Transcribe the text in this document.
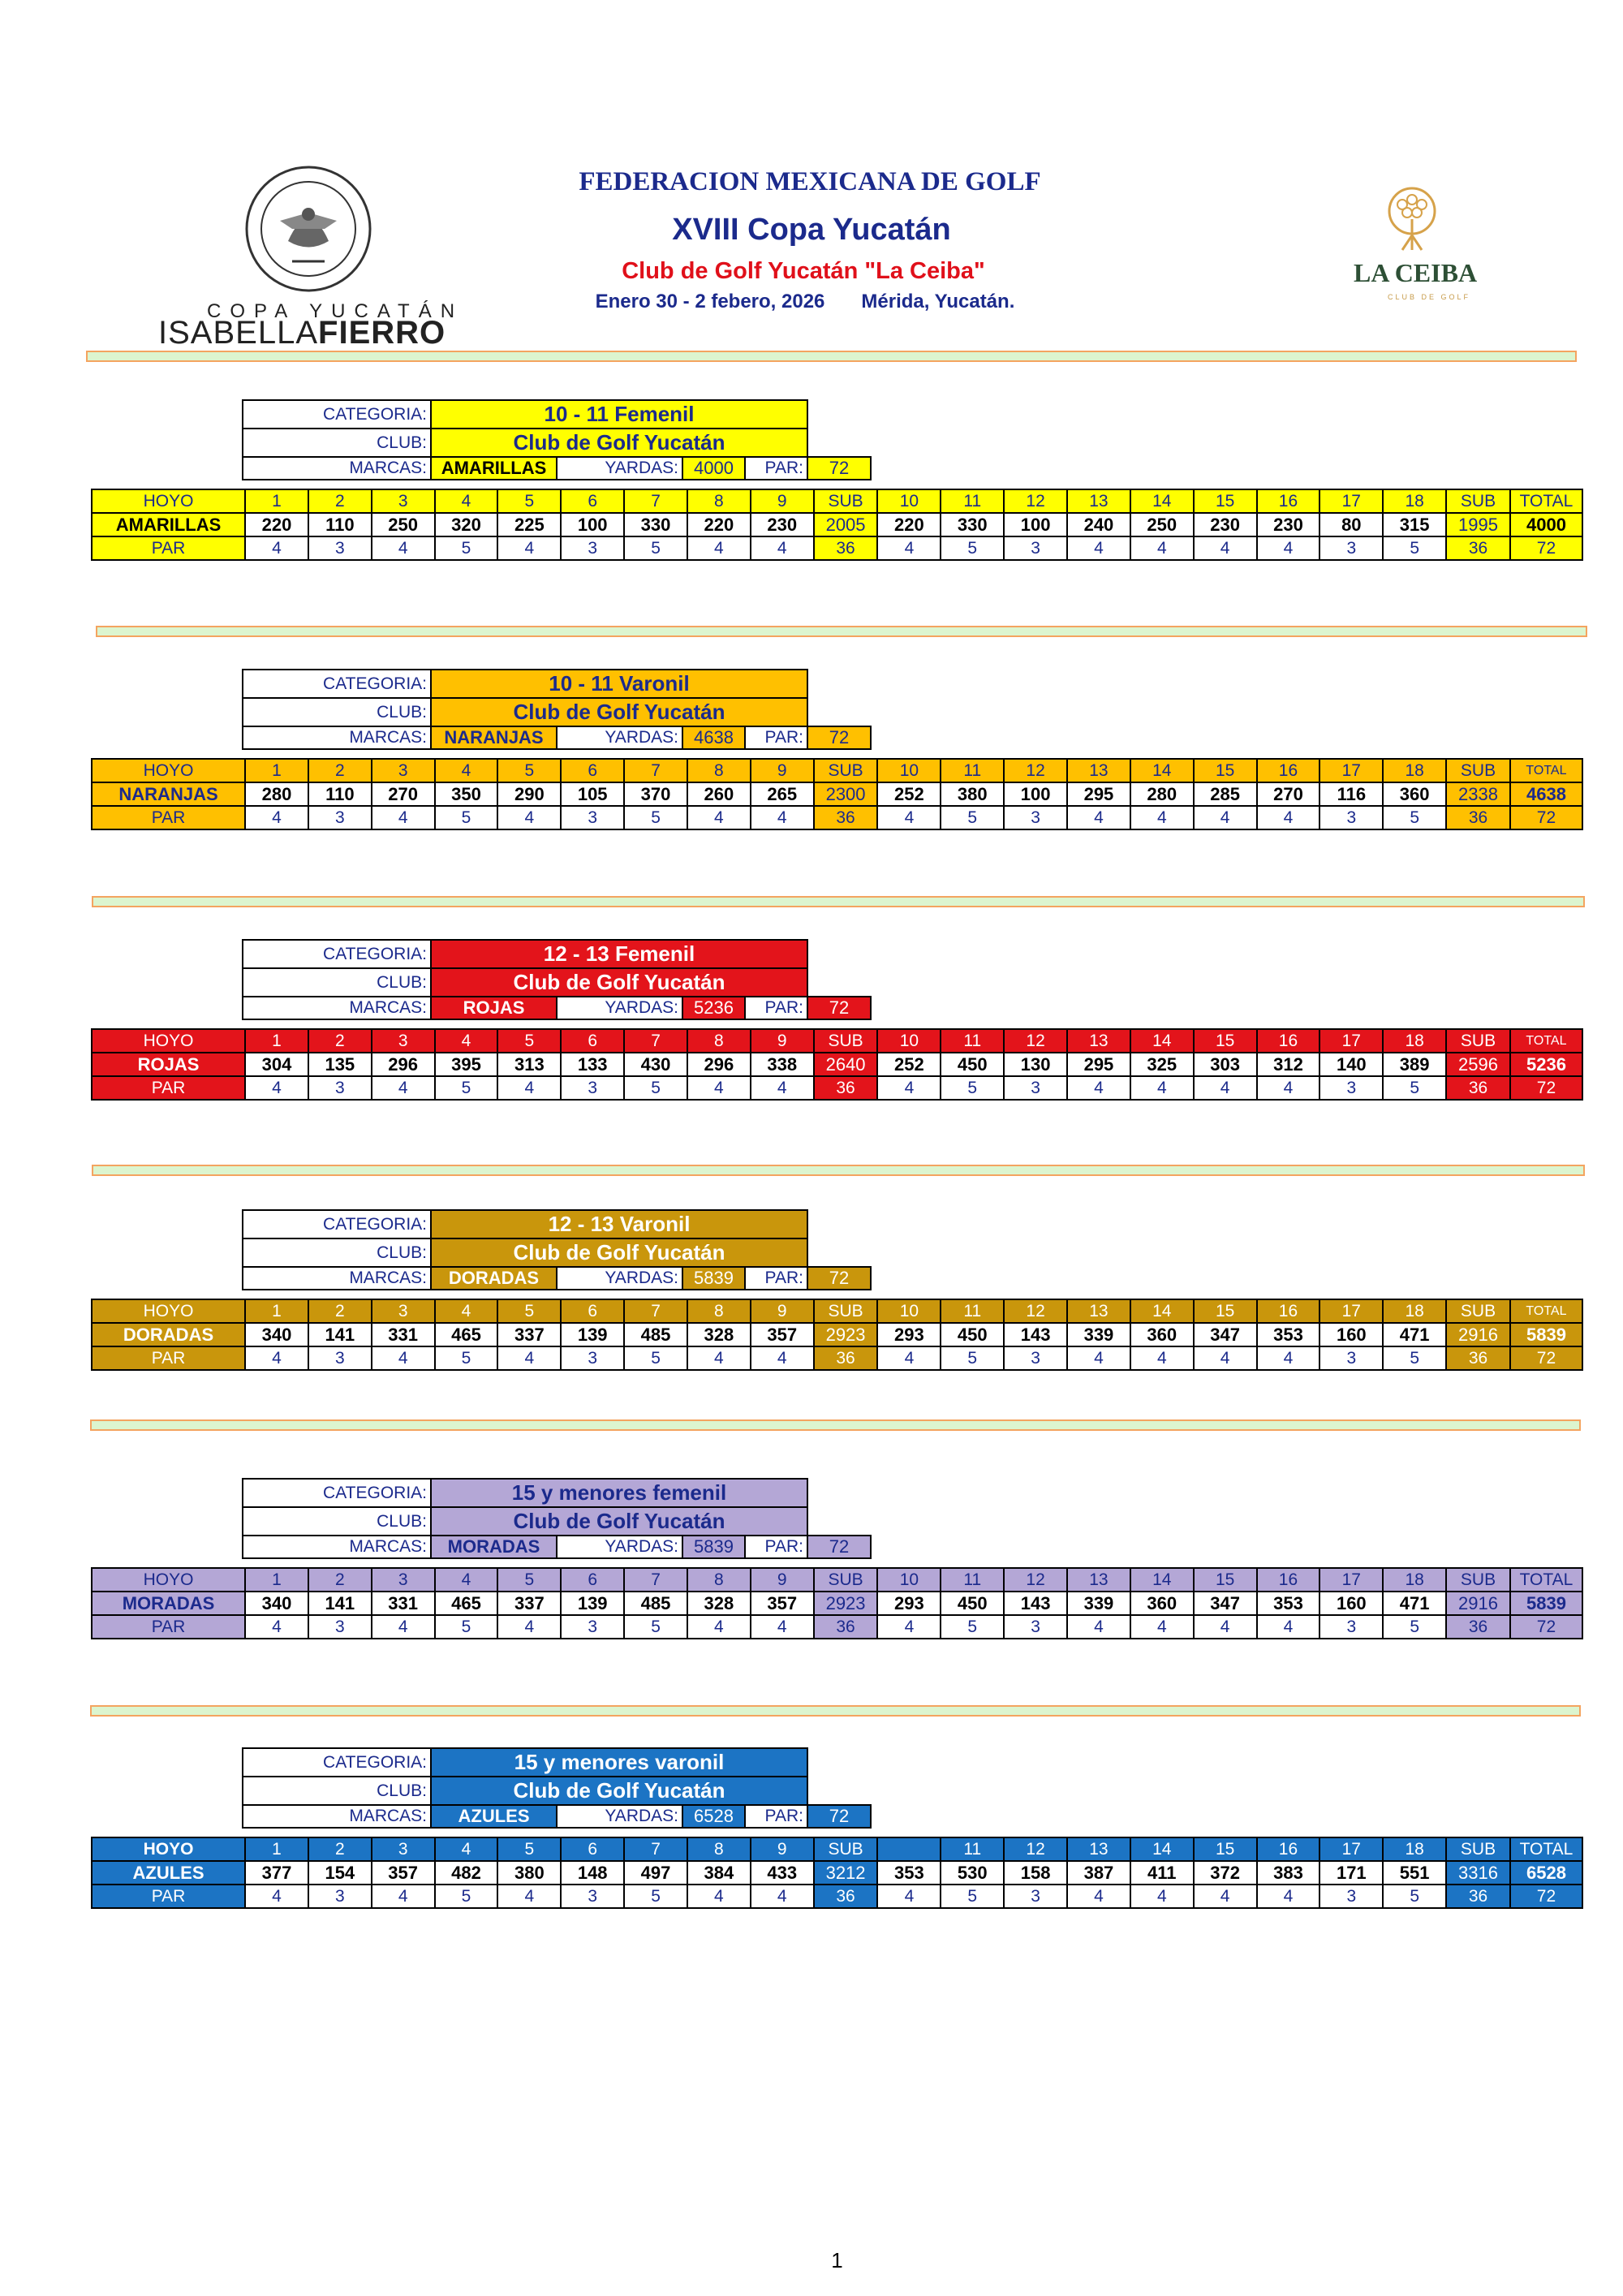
COPA YUCATÁN
ISABELLAFIERRO
FEDERACION MEXICANA DE GOLF
XVIII Copa Yucatán
Club de Golf Yucatán "La Ceiba"
Enero 30 - 2 febero, 2026 Mérida, Yucatán.
LA CEIBA
CLUB DE GOLF
CATEGORIA:	10 - 11 Femenil				
CLUB:	Club de Golf Yucatán				
MARCAS:	AMARILLAS	YARDAS:	4000	PAR:	72
HOYO	1	2	3	4	5	6	7	8	9	SUB	10	11	12	13	14	15	16	17	18	SUB	TOTAL
AMARILLAS	220	110	250	320	225	100	330	220	230	2005	220	330	100	240	250	230	230	80	315	1995	4000
PAR	4	3	4	5	4	3	5	4	4	36	4	5	3	4	4	4	4	3	5	36	72
CATEGORIA:	10 - 11 Varonil				
CLUB:	Club de Golf Yucatán				
MARCAS:	NARANJAS	YARDAS:	4638	PAR:	72
HOYO	1	2	3	4	5	6	7	8	9	SUB	10	11	12	13	14	15	16	17	18	SUB	TOTAL
NARANJAS	280	110	270	350	290	105	370	260	265	2300	252	380	100	295	280	285	270	116	360	2338	4638
PAR	4	3	4	5	4	3	5	4	4	36	4	5	3	4	4	4	4	3	5	36	72
CATEGORIA:	12 - 13 Femenil				
CLUB:	Club de Golf Yucatán				
MARCAS:	ROJAS	YARDAS:	5236	PAR:	72
HOYO	1	2	3	4	5	6	7	8	9	SUB	10	11	12	13	14	15	16	17	18	SUB	TOTAL
ROJAS	304	135	296	395	313	133	430	296	338	2640	252	450	130	295	325	303	312	140	389	2596	5236
PAR	4	3	4	5	4	3	5	4	4	36	4	5	3	4	4	4	4	3	5	36	72
CATEGORIA:	12 - 13 Varonil				
CLUB:	Club de Golf Yucatán				
MARCAS:	DORADAS	YARDAS:	5839	PAR:	72
HOYO	1	2	3	4	5	6	7	8	9	SUB	10	11	12	13	14	15	16	17	18	SUB	TOTAL
DORADAS	340	141	331	465	337	139	485	328	357	2923	293	450	143	339	360	347	353	160	471	2916	5839
PAR	4	3	4	5	4	3	5	4	4	36	4	5	3	4	4	4	4	3	5	36	72
CATEGORIA:	15 y menores femenil				
CLUB:	Club de Golf Yucatán				
MARCAS:	MORADAS	YARDAS:	5839	PAR:	72
HOYO	1	2	3	4	5	6	7	8	9	SUB	10	11	12	13	14	15	16	17	18	SUB	TOTAL
MORADAS	340	141	331	465	337	139	485	328	357	2923	293	450	143	339	360	347	353	160	471	2916	5839
PAR	4	3	4	5	4	3	5	4	4	36	4	5	3	4	4	4	4	3	5	36	72
CATEGORIA:	15 y menores varonil				
CLUB:	Club de Golf Yucatán				
MARCAS:	AZULES	YARDAS:	6528	PAR:	72
HOYO	1	2	3	4	5	6	7	8	9	SUB		11	12	13	14	15	16	17	18	SUB	TOTAL
AZULES	377	154	357	482	380	148	497	384	433	3212	353	530	158	387	411	372	383	171	551	3316	6528
PAR	4	3	4	5	4	3	5	4	4	36	4	5	3	4	4	4	4	3	5	36	72
1
